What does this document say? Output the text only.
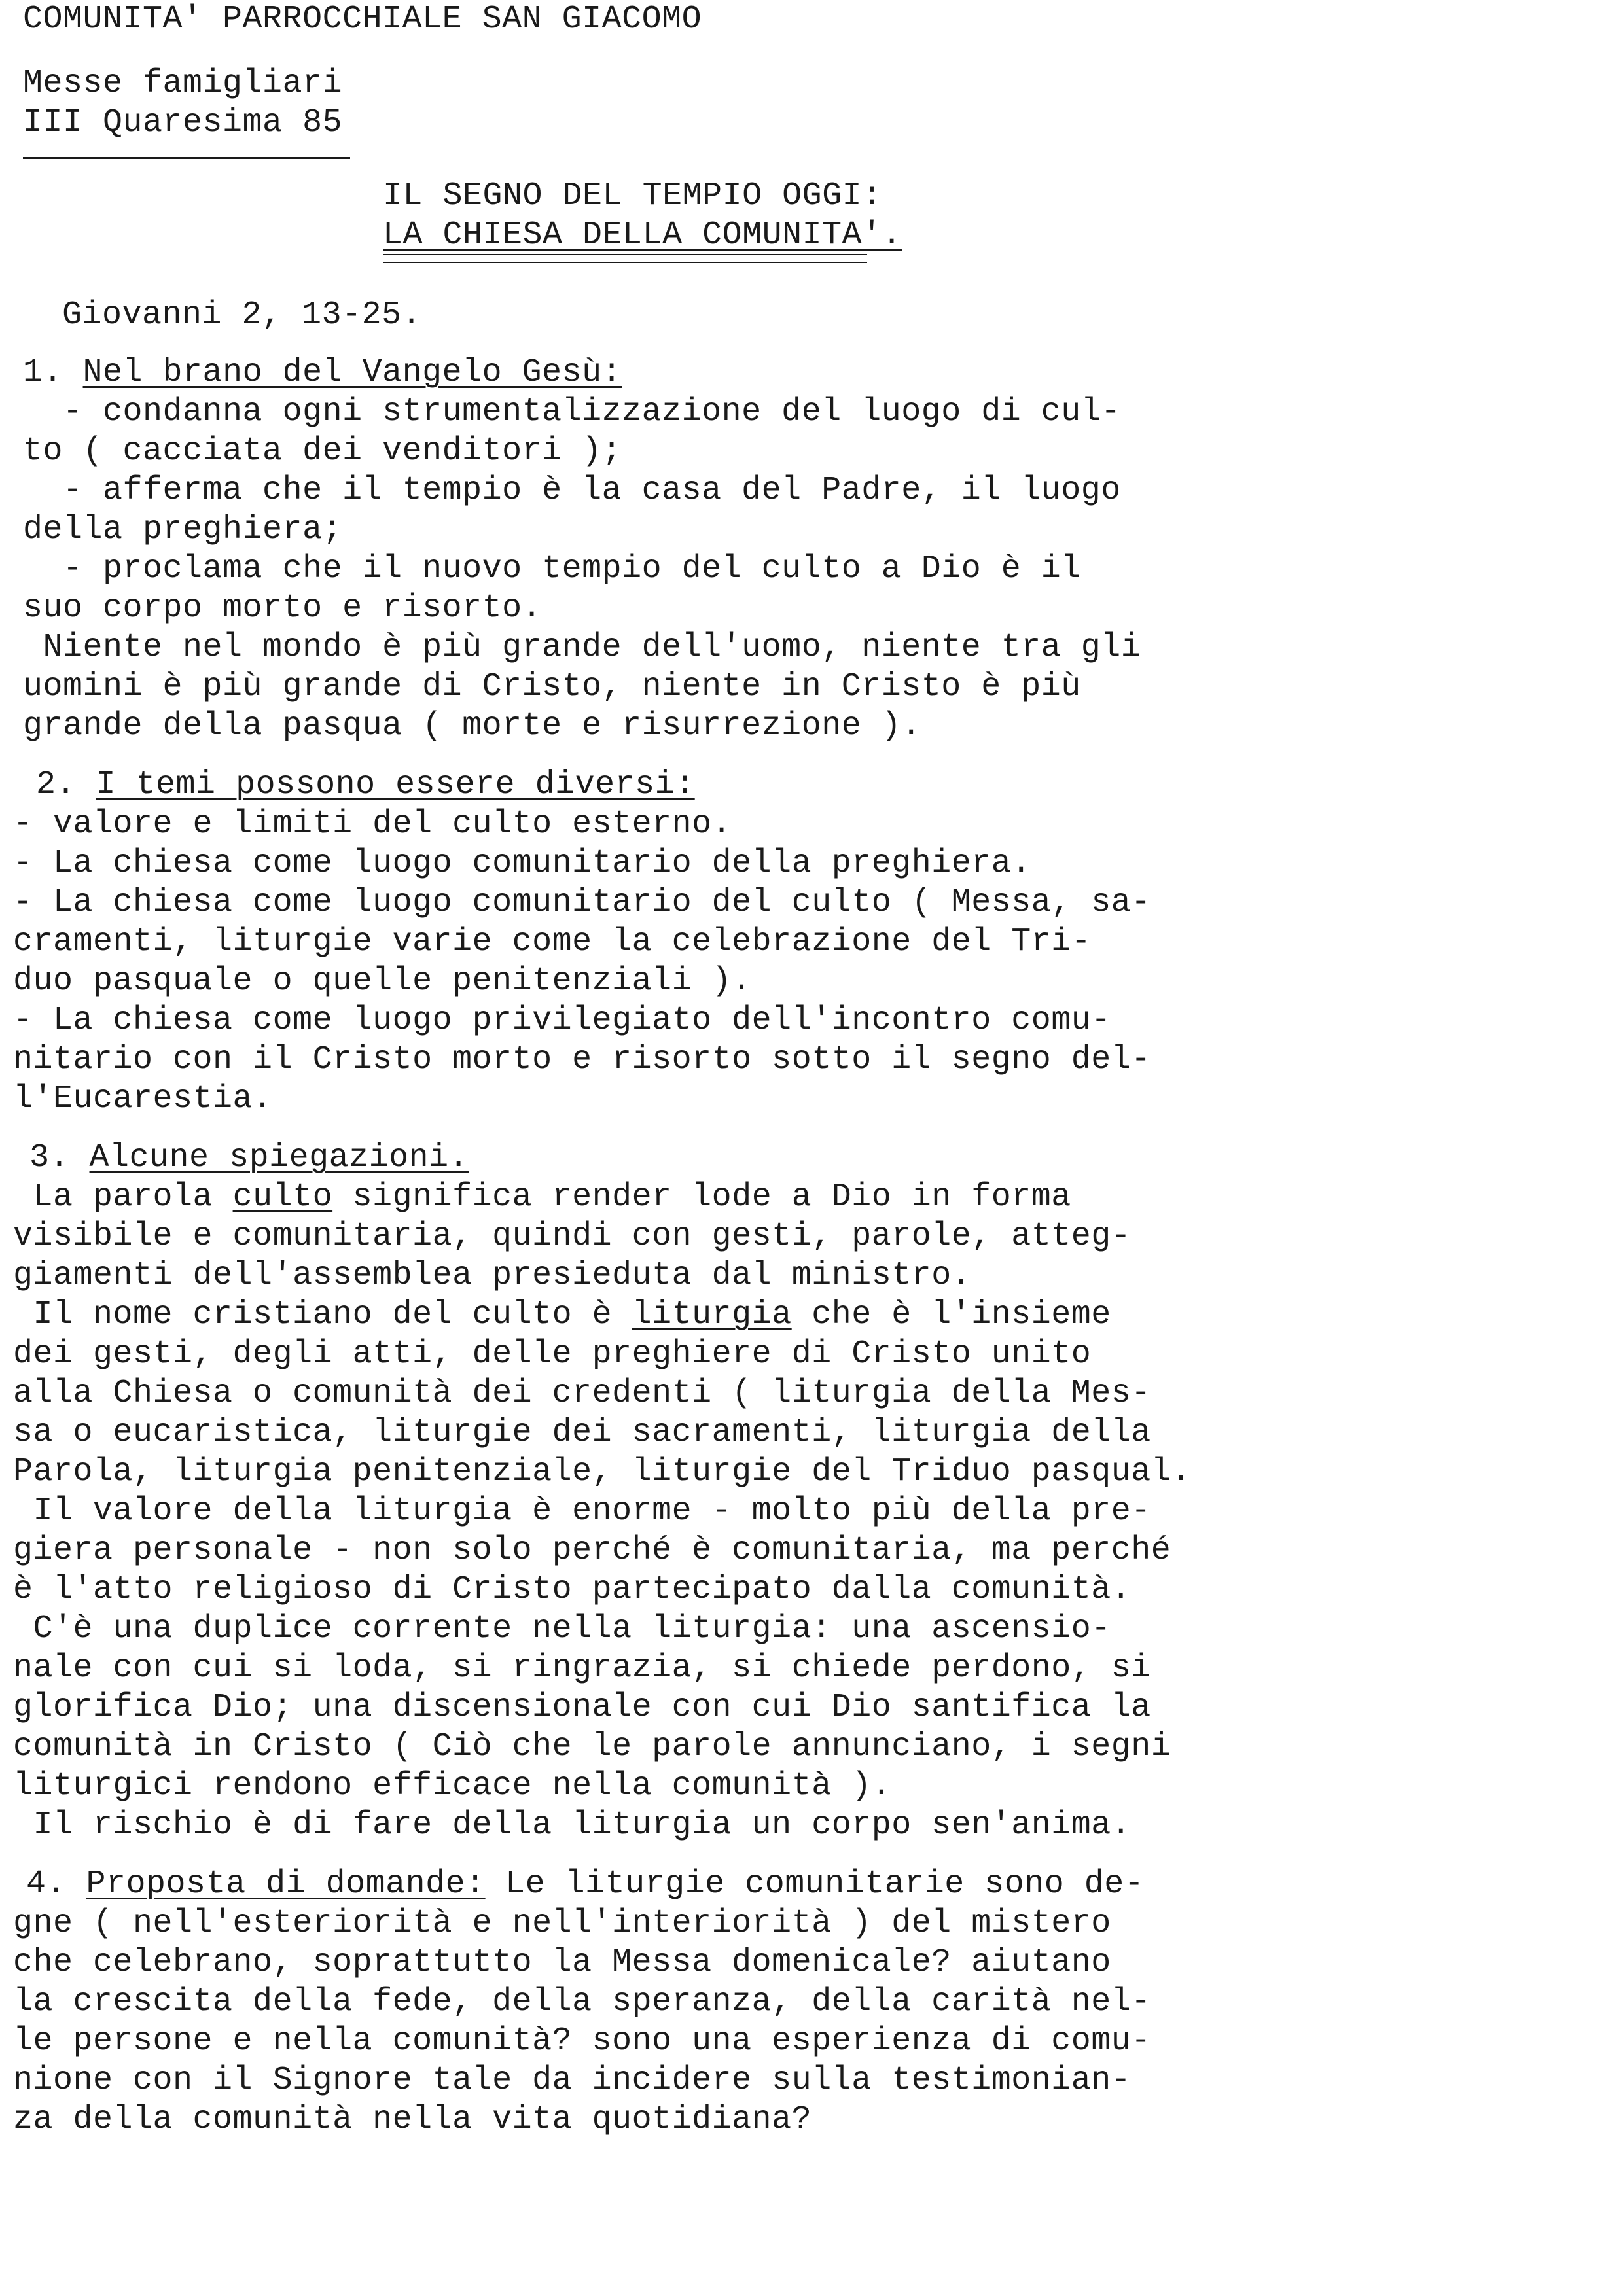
COMUNITA' PARROCCHIALE SAN GIACOMO
Messe famigliari
III Quaresima 85
IL SEGNO DEL TEMPIO OGGI:
LA CHIESA DELLA COMUNITA'.
Giovanni 2, 13-25.
1. Nel brano del Vangelo Gesù:
- condanna ogni strumentalizzazione del luogo di cul-
to ( cacciata dei venditori );
- afferma che il tempio è la casa del Padre, il luogo
della preghiera;
- proclama che il nuovo tempio del culto a Dio è il
suo corpo morto e risorto.
Niente nel mondo è più grande dell'uomo, niente tra gli
uomini è più grande di Cristo, niente in Cristo è più
grande della pasqua ( morte e risurrezione ).
2. I temi possono essere diversi:
- valore e limiti del culto esterno.
- La chiesa come luogo comunitario della preghiera.
- La chiesa come luogo comunitario del culto ( Messa, sa-
cramenti, liturgie varie come la celebrazione del Tri-
duo pasquale o quelle penitenziali ).
- La chiesa come luogo privilegiato dell'incontro comu-
nitario con il Cristo morto e risorto sotto il segno del-
l'Eucarestia.
3. Alcune spiegazioni.
La parola culto significa render lode a Dio in forma
visibile e comunitaria, quindi con gesti, parole, atteg-
giamenti dell'assemblea presieduta dal ministro.
Il nome cristiano del culto è liturgia che è l'insieme
dei gesti, degli atti, delle preghiere di Cristo unito
alla Chiesa o comunità dei credenti ( liturgia della Mes-
sa o eucaristica, liturgie dei sacramenti, liturgia della
Parola, liturgia penitenziale, liturgie del Triduo pasqual.
Il valore della liturgia è enorme - molto più della pre-
giera personale - non solo perché è comunitaria, ma perché
è l'atto religioso di Cristo partecipato dalla comunità.
C'è una duplice corrente nella liturgia: una ascensio-
nale con cui si loda, si ringrazia, si chiede perdono, si
glorifica Dio; una discensionale con cui Dio santifica la
comunità in Cristo ( Ciò che le parole annunciano, i segni
liturgici rendono efficace nella comunità ).
Il rischio è di fare della liturgia un corpo sen'anima.
4. Proposta di domande: Le liturgie comunitarie sono de-
gne ( nell'esteriorità e nell'interiorità ) del mistero
che celebrano, soprattutto la Messa domenicale? aiutano
la crescita della fede, della speranza, della carità nel-
le persone e nella comunità? sono una esperienza di comu-
nione con il Signore tale da incidere sulla testimonian-
za della comunità nella vita quotidiana?
